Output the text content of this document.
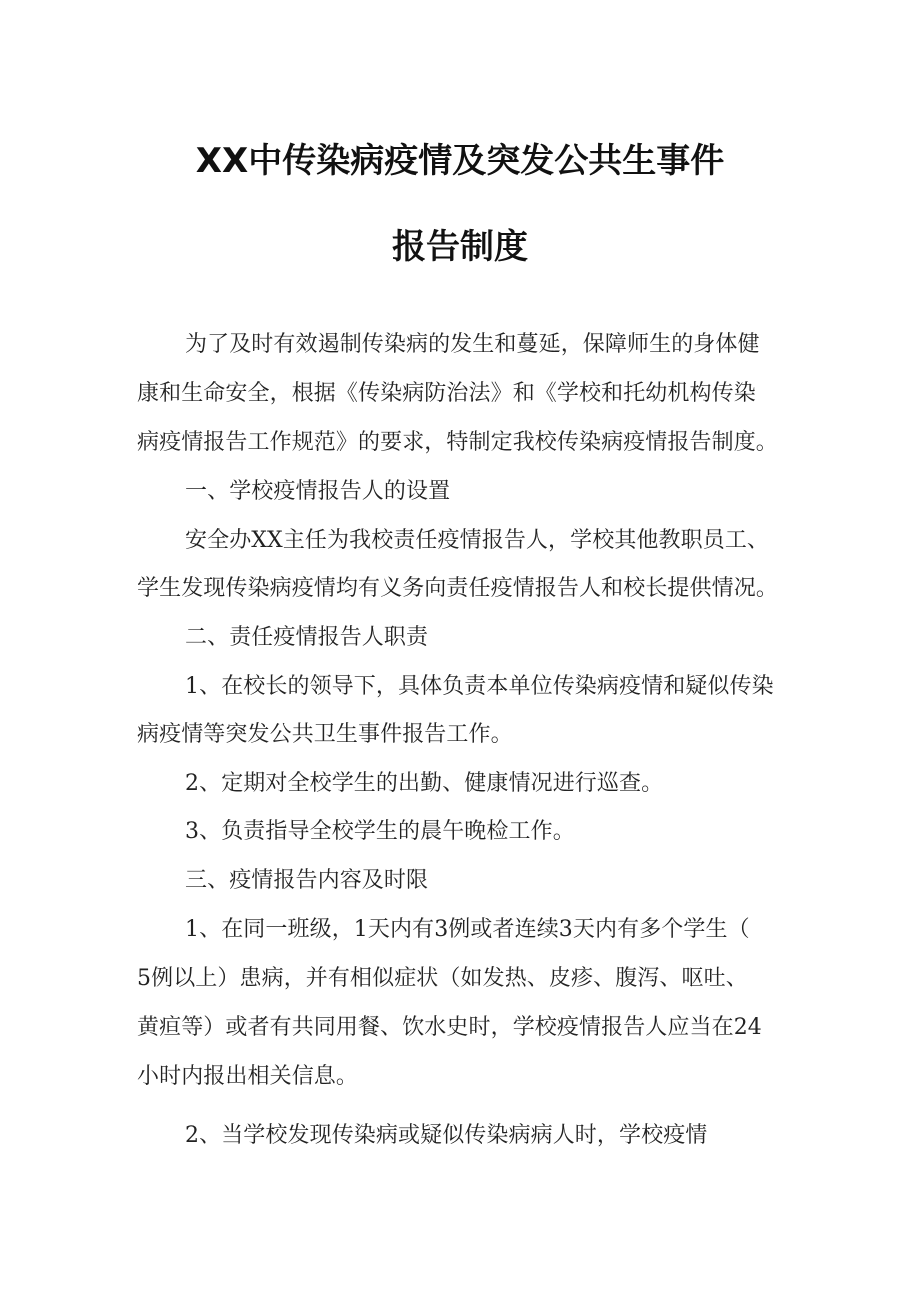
XX中传染病疫情及突发公共生事件
报告制度
为了及时有效遏制传染病的发生和蔓延，保障师生的身体健
康和生命安全，根据《传染病防治法》和《学校和托幼机构传染
病疫情报告工作规范》的要求，特制定我校传染病疫情报告制度。
一、学校疫情报告人的设置
安全办XX主任为我校责任疫情报告人，学校其他教职员工、
学生发现传染病疫情均有义务向责任疫情报告人和校长提供情况。
二、责任疫情报告人职责
1、在校长的领导下，具体负责本单位传染病疫情和疑似传染
病疫情等突发公共卫生事件报告工作。
2、定期对全校学生的出勤、健康情况进行巡查。
3、负责指导全校学生的晨午晚检工作。
三、疫情报告内容及时限
1、在同一班级，1天内有3例或者连续3天内有多个学生（
5例以上）患病，并有相似症状（如发热、皮疹、腹泻、呕吐、
黄疸等）或者有共同用餐、饮水史时，学校疫情报告人应当在24
小时内报出相关信息。
2、当学校发现传染病或疑似传染病病人时，学校疫情
